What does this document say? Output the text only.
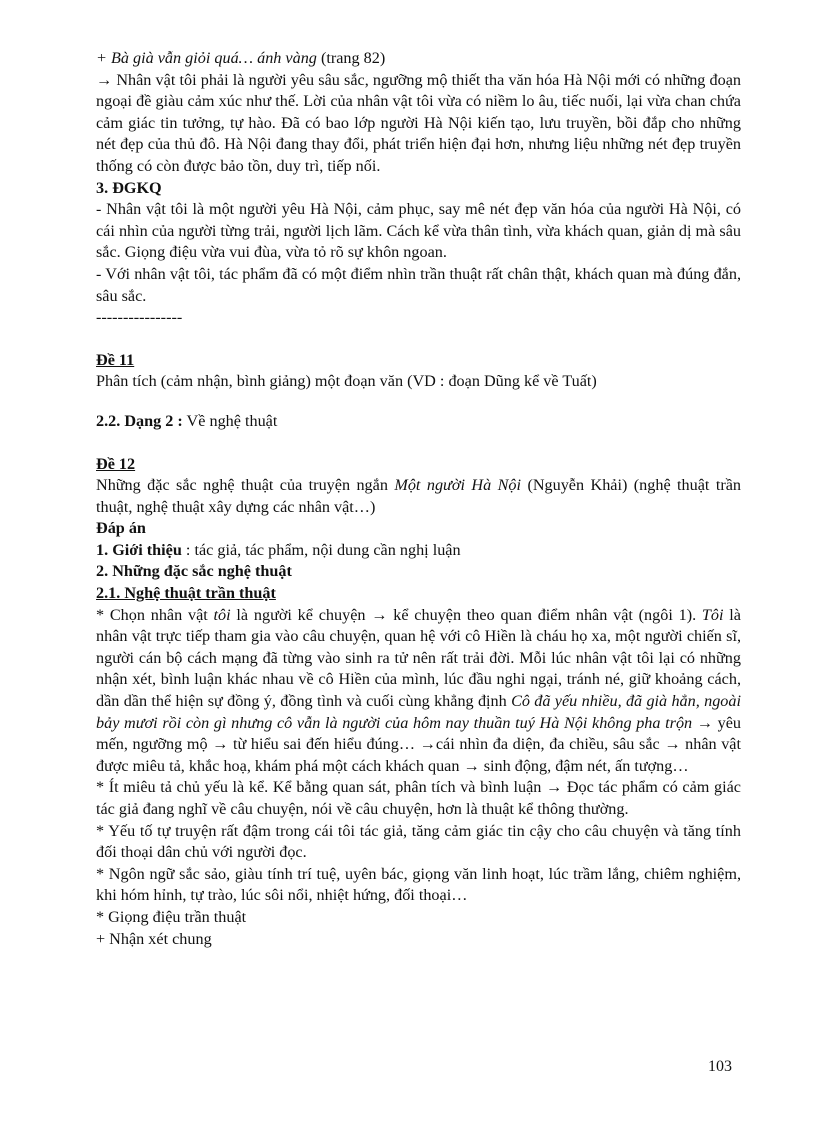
+ Bà già vẫn giỏi quá… ánh vàng (trang 82)

→ Nhân vật tôi phải là người yêu sâu sắc, ngưỡng mộ thiết tha văn hóa Hà Nội mới có những đoạn ngoại đề giàu cảm xúc như thế. Lời của nhân vật tôi vừa có niềm lo âu, tiếc nuối, lại vừa chan chứa cảm giác tin tưởng, tự hào. Đã có bao lớp người Hà Nội kiến tạo, lưu truyền, bồi đắp cho những nét đẹp của thủ đô. Hà Nội đang thay đổi, phát triển hiện đại hơn, nhưng liệu những nét đẹp truyền thống có còn được bảo tồn, duy trì, tiếp nối.

3. ĐGKQ

- Nhân vật tôi là một người yêu Hà Nội, cảm phục, say mê nét đẹp văn hóa của người Hà Nội, có cái nhìn của người từng trải, người lịch lãm. Cách kể vừa thân tình, vừa khách quan, giản dị mà sâu sắc. Giọng điệu vừa vui đùa, vừa tỏ rõ sự khôn ngoan.

- Với nhân vật tôi, tác phẩm đã có một điểm nhìn trần thuật rất chân thật, khách quan mà đúng đắn, sâu sắc.

----------------

Đề 11

Phân tích (cảm nhận, bình giảng) một đoạn văn (VD : đoạn Dũng kể về Tuất)

2.2. Dạng 2 : Về nghệ thuật

Đề 12

Những đặc sắc nghệ thuật của truyện ngắn Một người Hà Nội (Nguyễn Khải) (nghệ thuật trần thuật, nghệ thuật xây dựng các nhân vật…)

Đáp án

1. Giới thiệu : tác giả, tác phẩm, nội dung cần nghị luận

2. Những đặc sắc nghệ thuật

2.1. Nghệ thuật trần thuật

* Chọn nhân vật tôi là người kể chuyện → kể chuyện theo quan điểm nhân vật (ngôi 1). Tôi là nhân vật trực tiếp tham gia vào câu chuyện, quan hệ với cô Hiền là cháu họ xa, một người chiến sĩ, người cán bộ cách mạng đã từng vào sinh ra tử nên rất trải đời. Mỗi lúc nhân vật tôi lại có những nhận xét, bình luận khác nhau về cô Hiền của mình, lúc đầu nghi ngại, tránh né, giữ khoảng cách, dần dần thể hiện sự đồng ý, đồng tình và cuối cùng khẳng định Cô đã yếu nhiều, đã già hẳn, ngoài bảy mươi rồi còn gì nhưng cô vẫn là người của hôm nay thuần tuý Hà Nội không pha trộn → yêu mến, ngưỡng mộ → từ hiểu sai đến hiểu đúng… →cái nhìn đa diện, đa chiều, sâu sắc → nhân vật được miêu tả, khắc hoạ, khám phá một cách khách quan → sinh động, đậm nét, ấn tượng…

* Ít miêu tả chủ yếu là kể. Kể bằng quan sát, phân tích và bình luận → Đọc tác phẩm có cảm giác tác giả đang nghĩ về câu chuyện, nói về câu chuyện, hơn là thuật kể thông thường.

* Yếu tố tự truyện rất đậm trong cái tôi tác giả, tăng cảm giác tin cậy cho câu chuyện và tăng tính đối thoại dân chủ với người đọc.

* Ngôn ngữ sắc sảo, giàu tính trí tuệ, uyên bác, giọng văn linh hoạt, lúc trầm lắng, chiêm nghiệm, khi hóm hỉnh, tự trào, lúc sôi nổi, nhiệt hứng, đối thoại…

* Giọng điệu trần thuật

+ Nhận xét chung

103
